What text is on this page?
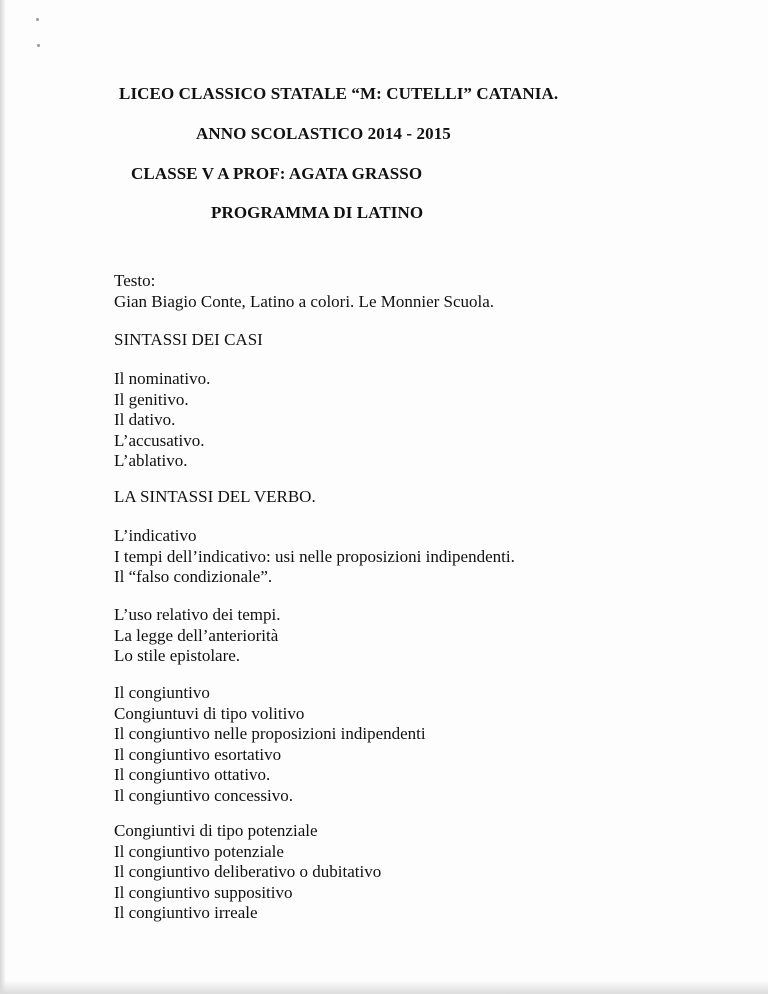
LICEO CLASSICO STATALE “M: CUTELLI” CATANIA.
ANNO SCOLASTICO 2014 - 2015
CLASSE V A PROF: AGATA GRASSO
PROGRAMMA DI LATINO
Testo:
Gian Biagio Conte, Latino a colori. Le Monnier Scuola.
SINTASSI DEI CASI
Il nominativo.
Il genitivo.
Il dativo.
L’accusativo.
L’ablativo.
LA SINTASSI DEL VERBO.
L’indicativo
I tempi dell’indicativo: usi nelle proposizioni indipendenti.
Il “falso condizionale”.
L’uso relativo dei tempi.
La legge dell’anteriorità
Lo stile epistolare.
Il congiuntivo
Congiuntuvi di tipo volitivo
Il congiuntivo nelle proposizioni indipendenti
Il congiuntivo esortativo
Il congiuntivo ottativo.
Il congiuntivo concessivo.
Congiuntivi di tipo potenziale
Il congiuntivo potenziale
Il congiuntivo deliberativo o dubitativo
Il congiuntivo suppositivo
Il congiuntivo irreale
